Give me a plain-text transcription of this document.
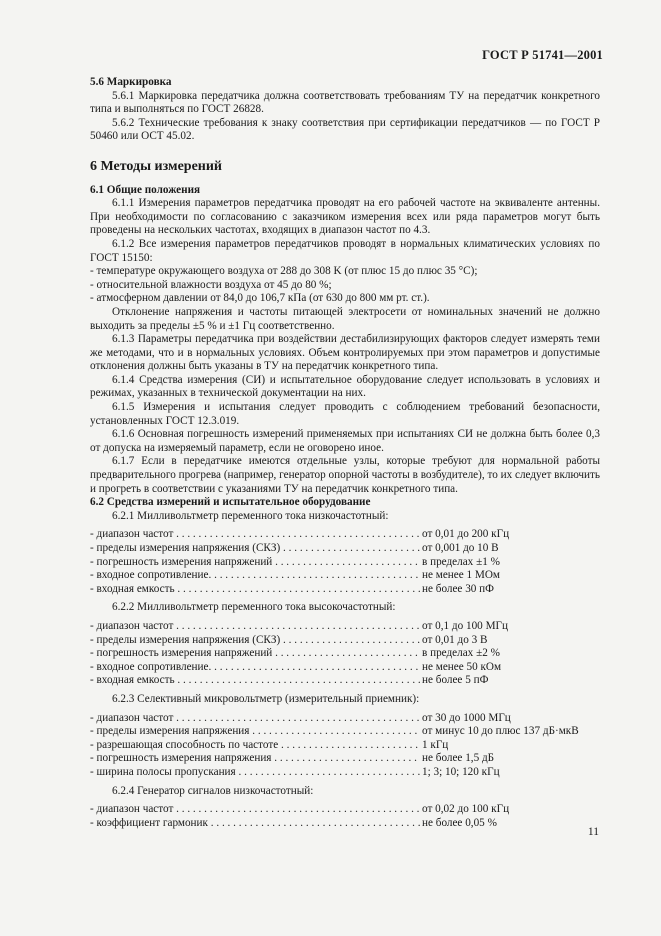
ГОСТ Р 51741—2001

5.6 Маркировка

5.6.1 Маркировка передатчика должна соответствовать требованиям ТУ на передатчик конкретного типа и выполняться по ГОСТ 26828.

5.6.2 Технические требования к знаку соответствия при сертификации передатчиков — по ГОСТ Р 50460 или ОСТ 45.02.

6 Методы измерений

6.1 Общие положения

6.1.1 Измерения параметров передатчика проводят на его рабочей частоте на эквиваленте антенны. При необходимости по согласованию с заказчиком измерения всех или ряда параметров могут быть проведены на нескольких частотах, входящих в диапазон частот по 4.3.

6.1.2 Все измерения параметров передатчиков проводят в нормальных климатических условиях по ГОСТ 15150:

- температуре окружающего воздуха от 288 до 308 K (от плюс 15 до плюс 35 °C);

- относительной влажности воздуха от 45 до 80 %;

- атмосферном давлении от 84,0 до 106,7 кПа (от 630 до 800 мм рт. ст.).

Отклонение напряжения и частоты питающей электросети от номинальных значений не должно выходить за пределы ±5 % и ±1 Гц соответственно.

6.1.3 Параметры передатчика при воздействии дестабилизирующих факторов следует измерять теми же методами, что и в нормальных условиях. Объем контролируемых при этом параметров и допустимые отклонения должны быть указаны в ТУ на передатчик конкретного типа.

6.1.4 Средства измерения (СИ) и испытательное оборудование следует использовать в условиях и режимах, указанных в технической документации на них.

6.1.5 Измерения и испытания следует проводить с соблюдением требований безопасности, установленных ГОСТ 12.3.019.

6.1.6 Основная погрешность измерений применяемых при испытаниях СИ не должна быть более 0,3 от допуска на измеряемый параметр, если не оговорено иное.

6.1.7 Если в передатчике имеются отдельные узлы, которые требуют для нормальной работы предварительного прогрева (например, генератор опорной частоты в возбудителе), то их следует включить и прогреть в соответствии с указаниями ТУ на передатчик конкретного типа.

6.2 Средства измерений и испытательное оборудование

6.2.1 Милливольтметр переменного тока низкочастотный:

- диапазон частот . . .	от 0,01 до 200 кГц
- пределы измерения напряжения (СКЗ) . . .	от 0,001 до 10 В
- погрешность измерения напряжений . . .	в пределах ±1 %
- входное сопротивление. . . .	не менее 1 МОм
- входная емкость . . .	не более 30 пФ

6.2.2 Милливольтметр переменного тока высокочастотный:

- диапазон частот . . .	от 0,1 до 100 МГц
- пределы измерения напряжения (СКЗ) . . .	от 0,01 до 3 В
- погрешность измерения напряжений . . .	в пределах ±2 %
- входное сопротивление. . . .	не менее 50 кОм
- входная емкость . . .	не более 5 пФ

6.2.3 Селективный микровольтметр (измерительный приемник):

- диапазон частот . . .	от 30 до 1000 МГц
- пределы измерения напряжения . . .	от минус 10 до плюс 137 дБ·мкВ
- разрешающая способность по частоте . . .	1 кГц
- погрешность измерения напряжения . . .	не более 1,5 дБ
- ширина полосы пропускания . . .	1; 3; 10; 120 кГц

6.2.4 Генератор сигналов низкочастотный:

- диапазон частот . . .	от 0,02 до 100 кГц
- коэффициент гармоник . . .	не более 0,05 %
11
